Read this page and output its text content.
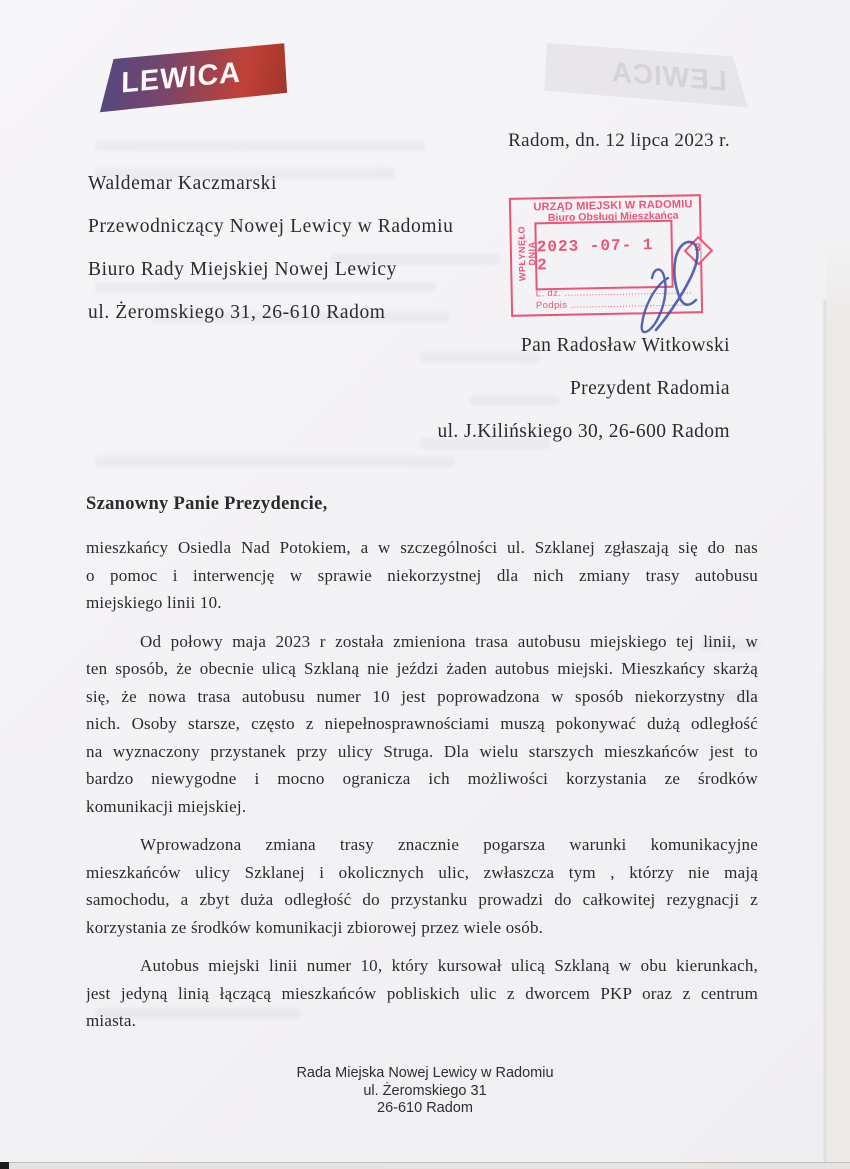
LEWICA	LEWICA
Radom, dn. 12 lipca 2023 r.
Waldemar Kaczmarski
Przewodniczący Nowej Lewicy w Radomiu
Biuro Rady Miejskiej Nowej Lewicy
ul. Żeromskiego 31, 26-610 Radom
URZĄD MIEJSKI W RADOMIU
Biuro Obsługi Mieszkańca
WPŁYNĘŁO DNIA 2023 -07- 1 2
L. dz. ..........................................
Podpis ......................................
3
Pan Radosław Witkowski
Prezydent Radomia
ul. J.Kilińskiego 30, 26-600 Radom
Szanowny Panie Prezydencie,
mieszkańcy Osiedla Nad Potokiem, a w szczególności ul. Szklanej zgłaszają się do nas
o pomoc i interwencję w sprawie niekorzystnej dla nich zmiany trasy autobusu
miejskiego linii 10.
Od połowy maja 2023 r została zmieniona trasa autobusu miejskiego tej linii, w
ten sposób, że obecnie ulicą Szklaną nie jeździ żaden autobus miejski. Mieszkańcy skarżą
się, że nowa trasa autobusu numer 10 jest poprowadzona w sposób niekorzystny dla
nich. Osoby starsze, często z niepełnosprawnościami muszą pokonywać dużą odległość
na wyznaczony przystanek przy ulicy Struga. Dla wielu starszych mieszkańców jest to
bardzo niewygodne i mocno ogranicza ich możliwości korzystania ze środków
komunikacji miejskiej.
Wprowadzona zmiana trasy znacznie pogarsza warunki komunikacyjne
mieszkańców ulicy Szklanej i okolicznych ulic, zwłaszcza tym , którzy nie mają
samochodu, a zbyt duża odległość do przystanku prowadzi do całkowitej rezygnacji z
korzystania ze środków komunikacji zbiorowej przez wiele osób.
Autobus miejski linii numer 10, który kursował ulicą Szklaną w obu kierunkach,
jest jedyną linią łączącą mieszkańców pobliskich ulic z dworcem PKP oraz z centrum
miasta.
Rada Miejska Nowej Lewicy w Radomiu
ul. Żeromskiego 31
26-610 Radom
